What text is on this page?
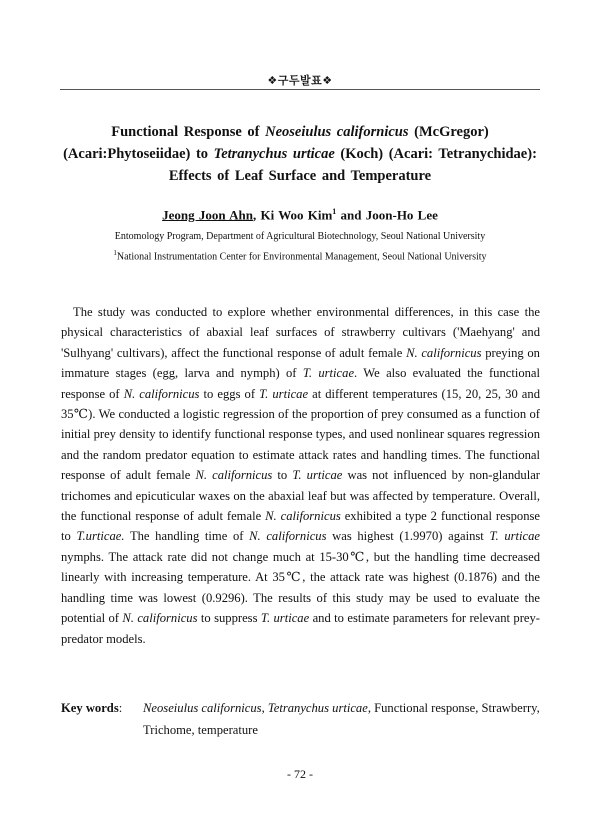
❖구두발표❖
Functional Response of Neoseiulus californicus (McGregor)
(Acari:Phytoseiidae) to Tetranychus urticae (Koch) (Acari: Tetranychidae):
Effects of Leaf Surface and Temperature
Jeong Joon Ahn, Ki Woo Kim$^1$ and Joon-Ho Lee
Entomology Program, Department of Agricultural Biotechnology, Seoul National University
$^1$National Instrumentation Center for Environmental Management, Seoul National University

The study was conducted to explore whether environmental differences, in this case the physical characteristics of abaxial leaf surfaces of strawberry cultivars ('Maehyang' and 'Sulhyang' cultivars), affect the functional response of adult female N. californicus preying on immature stages (egg, larva and nymph) of T. urticae. We also evaluated the functional response of N. californicus to eggs of T. urticae at different temperatures (15, 20, 25, 30 and 35℃). We conducted a logistic regression of the proportion of prey consumed as a function of initial prey density to identify functional response types, and used nonlinear squares regression and the random predator equation to estimate attack rates and handling times. The functional response of adult female N. californicus to T. urticae was not influenced by non-glandular trichomes and epicuticular waxes on the abaxial leaf but was affected by temperature. Overall, the functional response of adult female N. californicus exhibited a type 2 functional response to T.urticae. The handling time of N. californicus was highest (1.9970) against T. urticae nymphs. The attack rate did not change much at 15-30℃, but the handling time decreased linearly with increasing temperature. At 35℃, the attack rate was highest (0.1876) and the handling time was lowest (0.9296). The results of this study may be used to evaluate the potential of N. californicus to suppress T. urticae and to estimate parameters for relevant prey-predator models.

Key words: Neoseiulus californicus, Tetranychus urticae, Functional response, Strawberry, Trichome, temperature
- 72 -
